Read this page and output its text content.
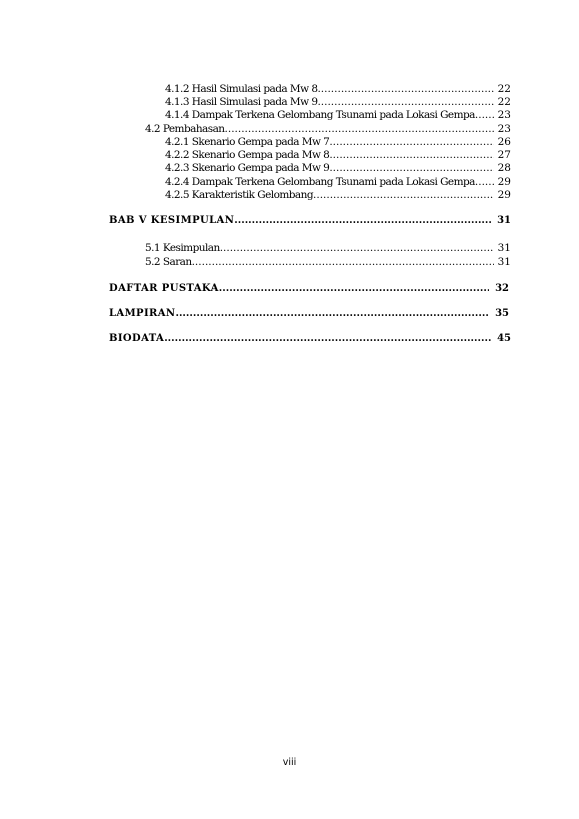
4.1.2 Hasil Simulasi pada Mw 8 .....	22
4.1.3 Hasil Simulasi pada Mw 9 .....	22
4.1.4 Dampak Terkena Gelombang Tsunami pada Lokasi Gempa .....	23
4.2 Pembahasan .....	23
4.2.1 Skenario Gempa pada Mw 7 .....	26
4.2.2 Skenario Gempa pada Mw 8 .....	27
4.2.3 Skenario Gempa pada Mw 9 .....	28
4.2.4 Dampak Terkena Gelombang Tsunami pada Lokasi Gempa .....	29
4.2.5 Karakteristik Gelombang .....	29
BAB V KESIMPULAN .....	31
5.1 Kesimpulan .....	31
5.2 Saran .....	31
DAFTAR PUSTAKA .....	32
LAMPIRAN .....	35
BIODATA .....	45
viii
